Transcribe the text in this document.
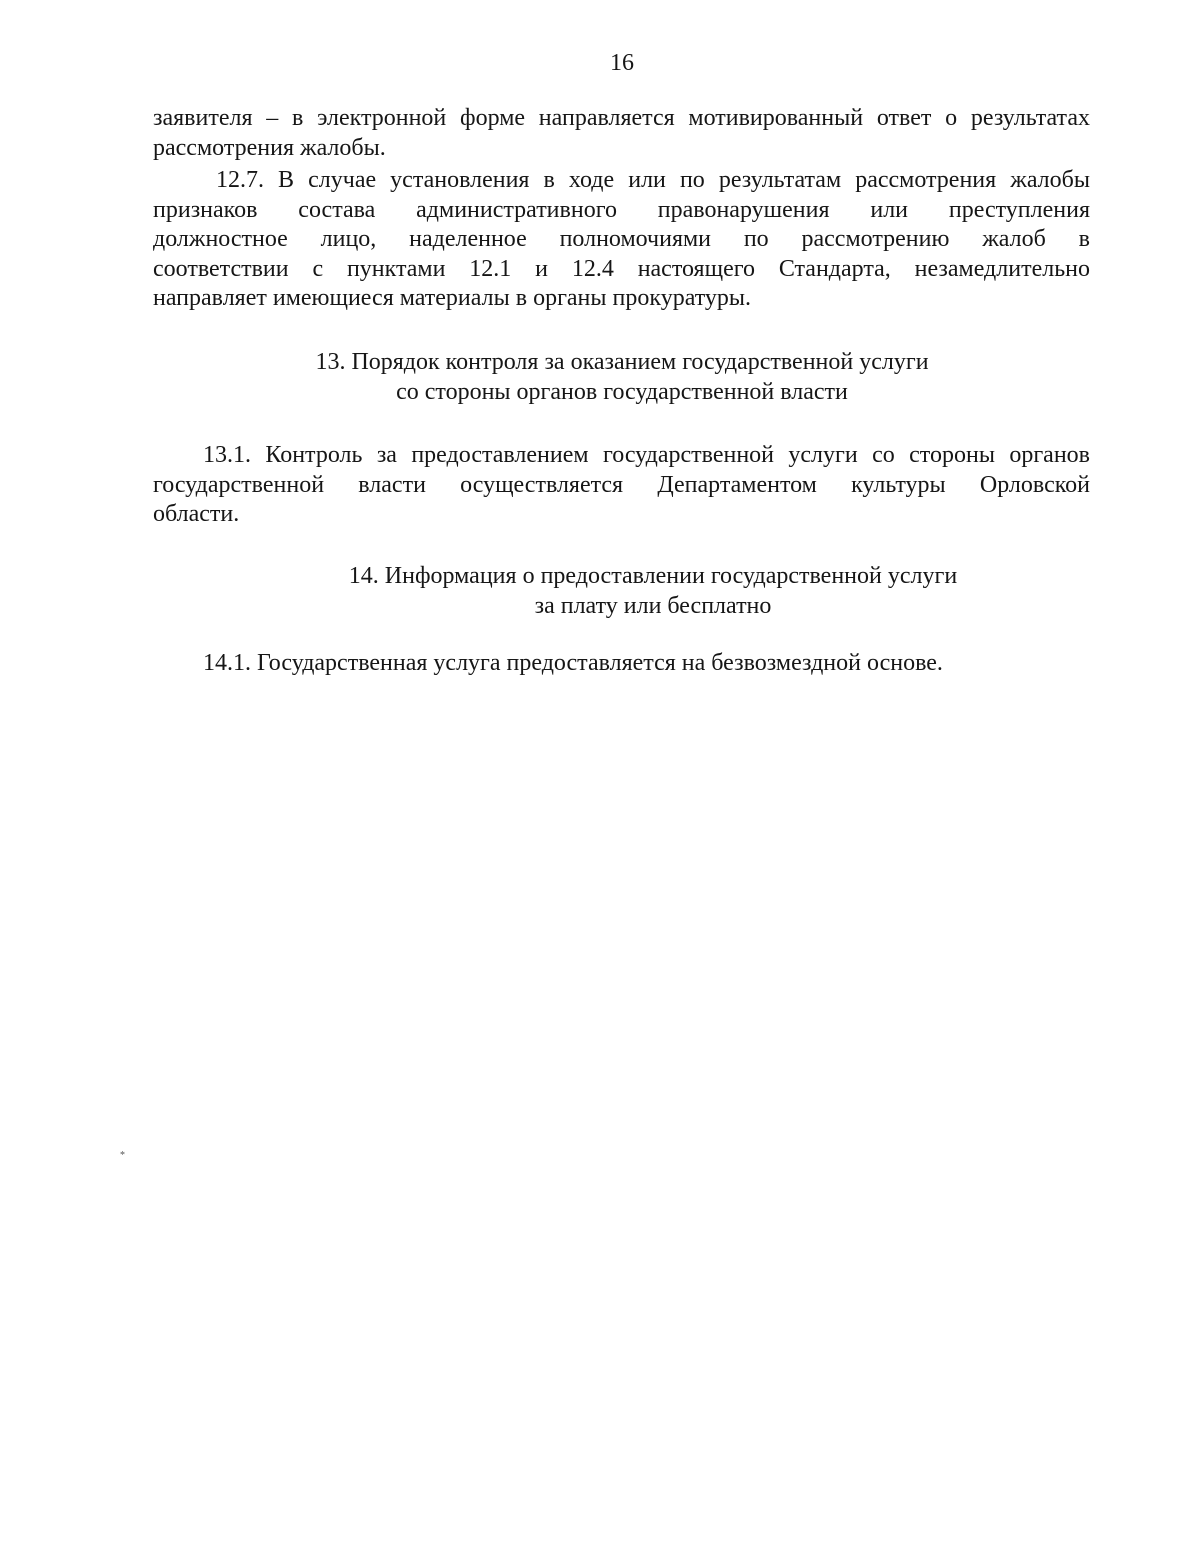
16
заявителя – в электронной форме направляется мотивированный ответ о результатах
рассмотрения жалобы.
12.7. В случае установления в ходе или по результатам рассмотрения жалобы
признаков состава административного правонарушения или преступления
должностное лицо, наделенное полномочиями по рассмотрению жалоб в
соответствии с пунктами 12.1 и 12.4 настоящего Стандарта, незамедлительно
направляет имеющиеся материалы в органы прокуратуры.
13. Порядок контроля за оказанием государственной услуги
со стороны органов государственной власти
13.1. Контроль за предоставлением государственной услуги со стороны органов
государственной власти осуществляется Департаментом культуры Орловской
области.
14. Информация о предоставлении государственной услуги
за плату или бесплатно
14.1. Государственная услуга предоставляется на безвозмездной основе.
*
